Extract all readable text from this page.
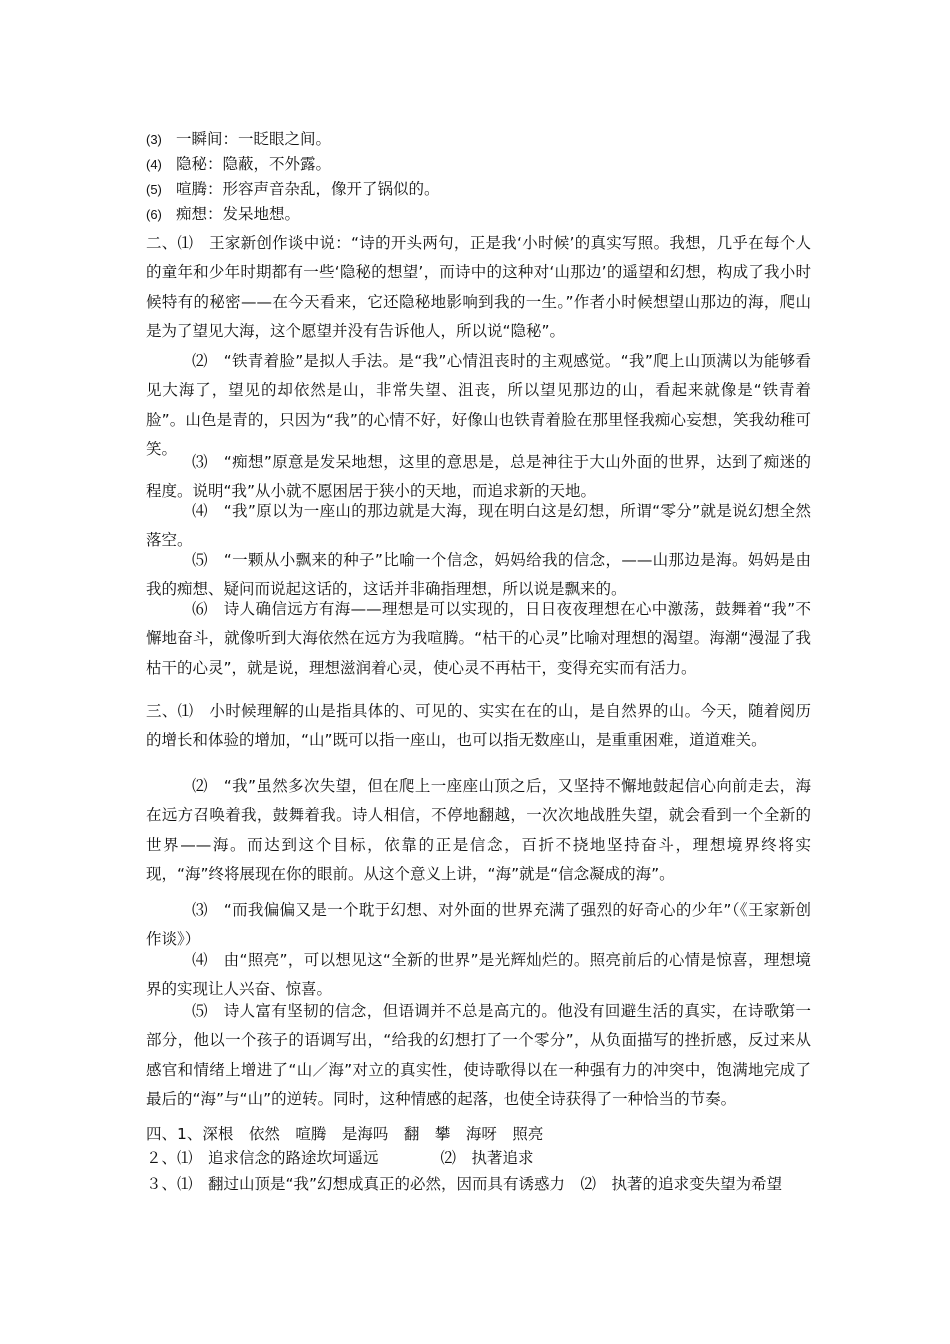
(3) 一瞬间：一眨眼之间。
(4) 隐秘：隐蔽，不外露。
(5) 喧腾：形容声音杂乱，像开了锅似的。
(6) 痴想：发呆地想。
二、⑴　王家新创作谈中说：“诗的开头两句，正是我‘小时候’的真实写照。我想，几乎在每个人的童年和少年时期都有一些‘隐秘的想望’，而诗中的这种对‘山那边’的遥望和幻想，构成了我小时候特有的秘密——在今天看来，它还隐秘地影响到我的一生。”作者小时候想望山那边的海，爬山是为了望见大海，这个愿望并没有告诉他人，所以说“隐秘”。
⑵　“铁青着脸”是拟人手法。是“我”心情沮丧时的主观感觉。“我”爬上山顶满以为能够看见大海了，望见的却依然是山，非常失望、沮丧，所以望见那边的山，看起来就像是“铁青着脸”。山色是青的，只因为“我”的心情不好，好像山也铁青着脸在那里怪我痴心妄想，笑我幼稚可笑。
⑶　“痴想”原意是发呆地想，这里的意思是，总是神往于大山外面的世界，达到了痴迷的程度。说明“我”从小就不愿困居于狭小的天地，而追求新的天地。
⑷　“我”原以为一座山的那边就是大海，现在明白这是幻想，所谓“零分”就是说幻想全然落空。
⑸　“一颗从小飘来的种子”比喻一个信念，妈妈给我的信念，——山那边是海。妈妈是由我的痴想、疑问而说起这话的，这话并非确指理想，所以说是飘来的。
⑹　诗人确信远方有海——理想是可以实现的，日日夜夜理想在心中激荡，鼓舞着“我”不懈地奋斗，就像听到大海依然在远方为我喧腾。“枯干的心灵”比喻对理想的渴望。海潮“漫湿了我枯干的心灵”，就是说，理想滋润着心灵，使心灵不再枯干，变得充实而有活力。
三、⑴　小时候理解的山是指具体的、可见的、实实在在的山，是自然界的山。今天，随着阅历的增长和体验的增加，“山”既可以指一座山，也可以指无数座山，是重重困难，道道难关。
⑵　“我”虽然多次失望，但在爬上一座座山顶之后，又坚持不懈地鼓起信心向前走去，海在远方召唤着我，鼓舞着我。诗人相信，不停地翻越，一次次地战胜失望，就会看到一个全新的世界——海。而达到这个目标，依靠的正是信念，百折不挠地坚持奋斗，理想境界终将实现，“海”终将展现在你的眼前。从这个意义上讲，“海”就是“信念凝成的海”。
⑶　“而我偏偏又是一个耽于幻想、对外面的世界充满了强烈的好奇心的少年”（《王家新创作谈》）
⑷　由“照亮”，可以想见这“全新的世界”是光辉灿烂的。照亮前后的心情是惊喜，理想境界的实现让人兴奋、惊喜。
⑸　诗人富有坚韧的信念，但语调并不总是高亢的。他没有回避生活的真实，在诗歌第一部分，他以一个孩子的语调写出，“给我的幻想打了一个零分”，从负面描写的挫折感，反过来从感官和情绪上增进了“山／海”对立的真实性，使诗歌得以在一种强有力的冲突中，饱满地完成了最后的“海”与“山”的逆转。同时，这种情感的起落，也使全诗获得了一种恰当的节奏。
四、1、深根　依然　喧腾　是海吗　翻　攀　海呀　照亮
２、⑴　追求信念的路途坎坷遥远　　　　⑵　执著追求
３、⑴　翻过山顶是“我”幻想成真正的必然，因而具有诱惑力　⑵　执著的追求变失望为希望
